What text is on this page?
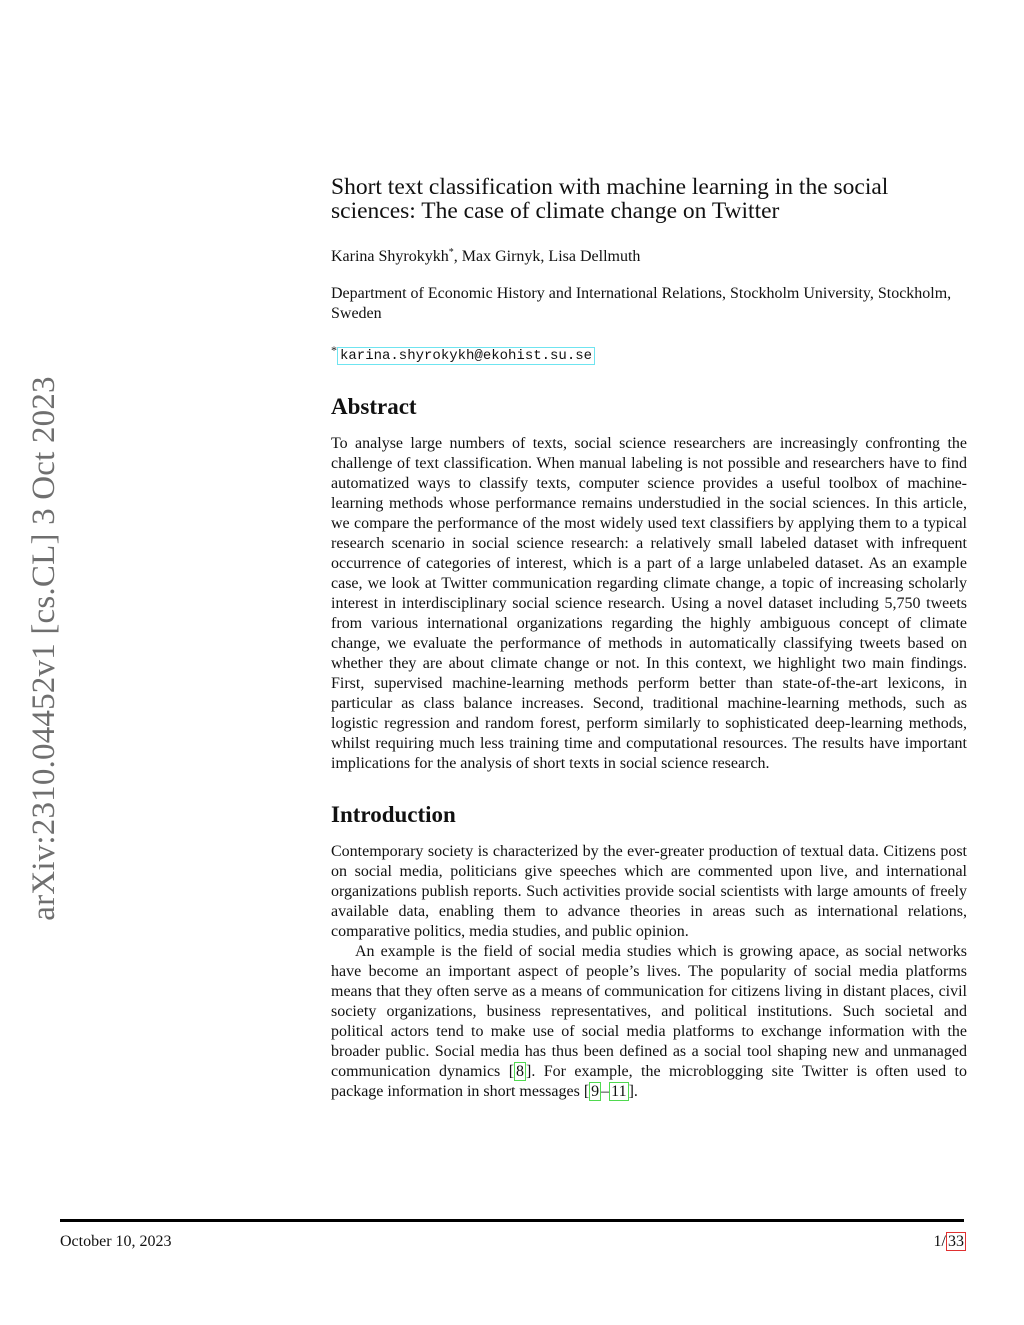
arXiv:2310.04452v1 [cs.CL] 3 Oct 2023
Short text classification with machine learning in the social sciences: The case of climate change on Twitter
Karina Shyrokykh*, Max Girnyk, Lisa Dellmuth
Department of Economic History and International Relations, Stockholm University, Stockholm, Sweden
* karina.shyrokykh@ekohist.su.se
Abstract
To analyse large numbers of texts, social science researchers are increasingly confronting the challenge of text classification. When manual labeling is not possible and researchers have to find automatized ways to classify texts, computer science provides a useful toolbox of machine-learning methods whose performance remains understudied in the social sciences. In this article, we compare the performance of the most widely used text classifiers by applying them to a typical research scenario in social science research: a relatively small labeled dataset with infrequent occurrence of categories of interest, which is a part of a large unlabeled dataset. As an example case, we look at Twitter communication regarding climate change, a topic of increasing scholarly interest in interdisciplinary social science research. Using a novel dataset including 5,750 tweets from various international organizations regarding the highly ambiguous concept of climate change, we evaluate the performance of methods in automatically classifying tweets based on whether they are about climate change or not. In this context, we highlight two main findings. First, supervised machine-learning methods perform better than state-of-the-art lexicons, in particular as class balance increases. Second, traditional machine-learning methods, such as logistic regression and random forest, perform similarly to sophisticated deep-learning methods, whilst requiring much less training time and computational resources. The results have important implications for the analysis of short texts in social science research.
Introduction
Contemporary society is characterized by the ever-greater production of textual data. Citizens post on social media, politicians give speeches which are commented upon live, and international organizations publish reports. Such activities provide social scientists with large amounts of freely available data, enabling them to advance theories in areas such as international relations, comparative politics, media studies, and public opinion.
An example is the field of social media studies which is growing apace, as social networks have become an important aspect of people’s lives. The popularity of social media platforms means that they often serve as a means of communication for citizens living in distant places, civil society organizations, business representatives, and political institutions. Such societal and political actors tend to make use of social media platforms to exchange information with the broader public. Social media has thus been defined as a social tool shaping new and unmanaged communication dynamics [ 8 ]. For example, the microblogging site Twitter is often used to package information in short messages [ 9 – 11 ].
October 10, 2023	1/ 33
